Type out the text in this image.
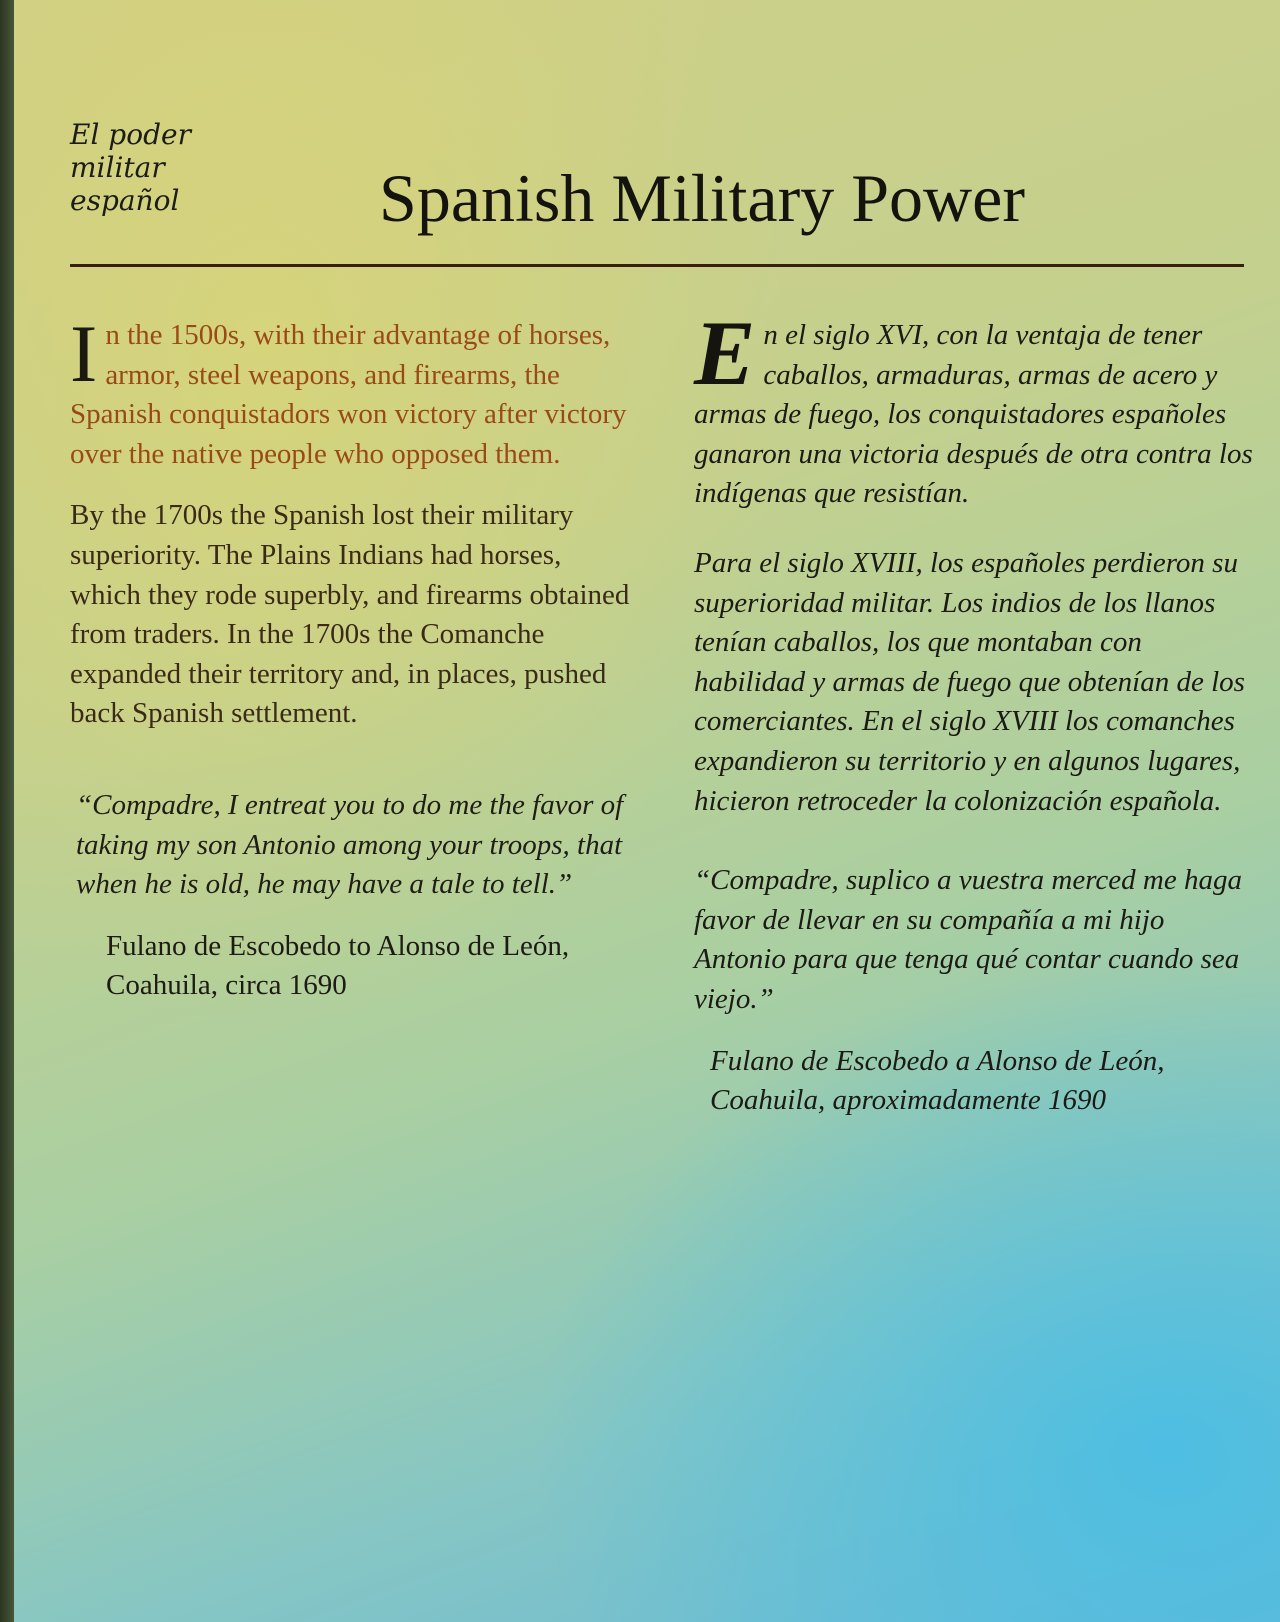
El poder
militar
español	Spanish Military Power

In the 1500s, with their advantage of horses, armor, steel weapons, and firearms, the Spanish conquistadors won victory after victory over the native people who opposed them.

By the 1700s the Spanish lost their military superiority. The Plains Indians had horses, which they rode superbly, and firearms obtained from traders. In the 1700s the Comanche expanded their territory and, in places, pushed back Spanish settlement.

“Compadre, I entreat you to do me the favor of taking my son Antonio among your troops, that when he is old, he may have a tale to tell.”

Fulano de Escobedo to Alonso de León, Coahuila, circa 1690

En el siglo XVI, con la ventaja de tener caballos, armaduras, armas de acero y armas de fuego, los conquistadores españoles ganaron una victoria después de otra contra los indígenas que resistían.

Para el siglo XVIII, los españoles perdieron su superioridad militar. Los indios de los llanos tenían caballos, los que montaban con habilidad y armas de fuego que obtenían de los comerciantes. En el siglo XVIII los comanches expandieron su territorio y en algunos lugares, hicieron retroceder la colonización española.

“Compadre, suplico a vuestra merced me haga favor de llevar en su compañía a mi hijo Antonio para que tenga qué contar cuando sea viejo.”

Fulano de Escobedo a Alonso de León, Coahuila, aproximadamente 1690
